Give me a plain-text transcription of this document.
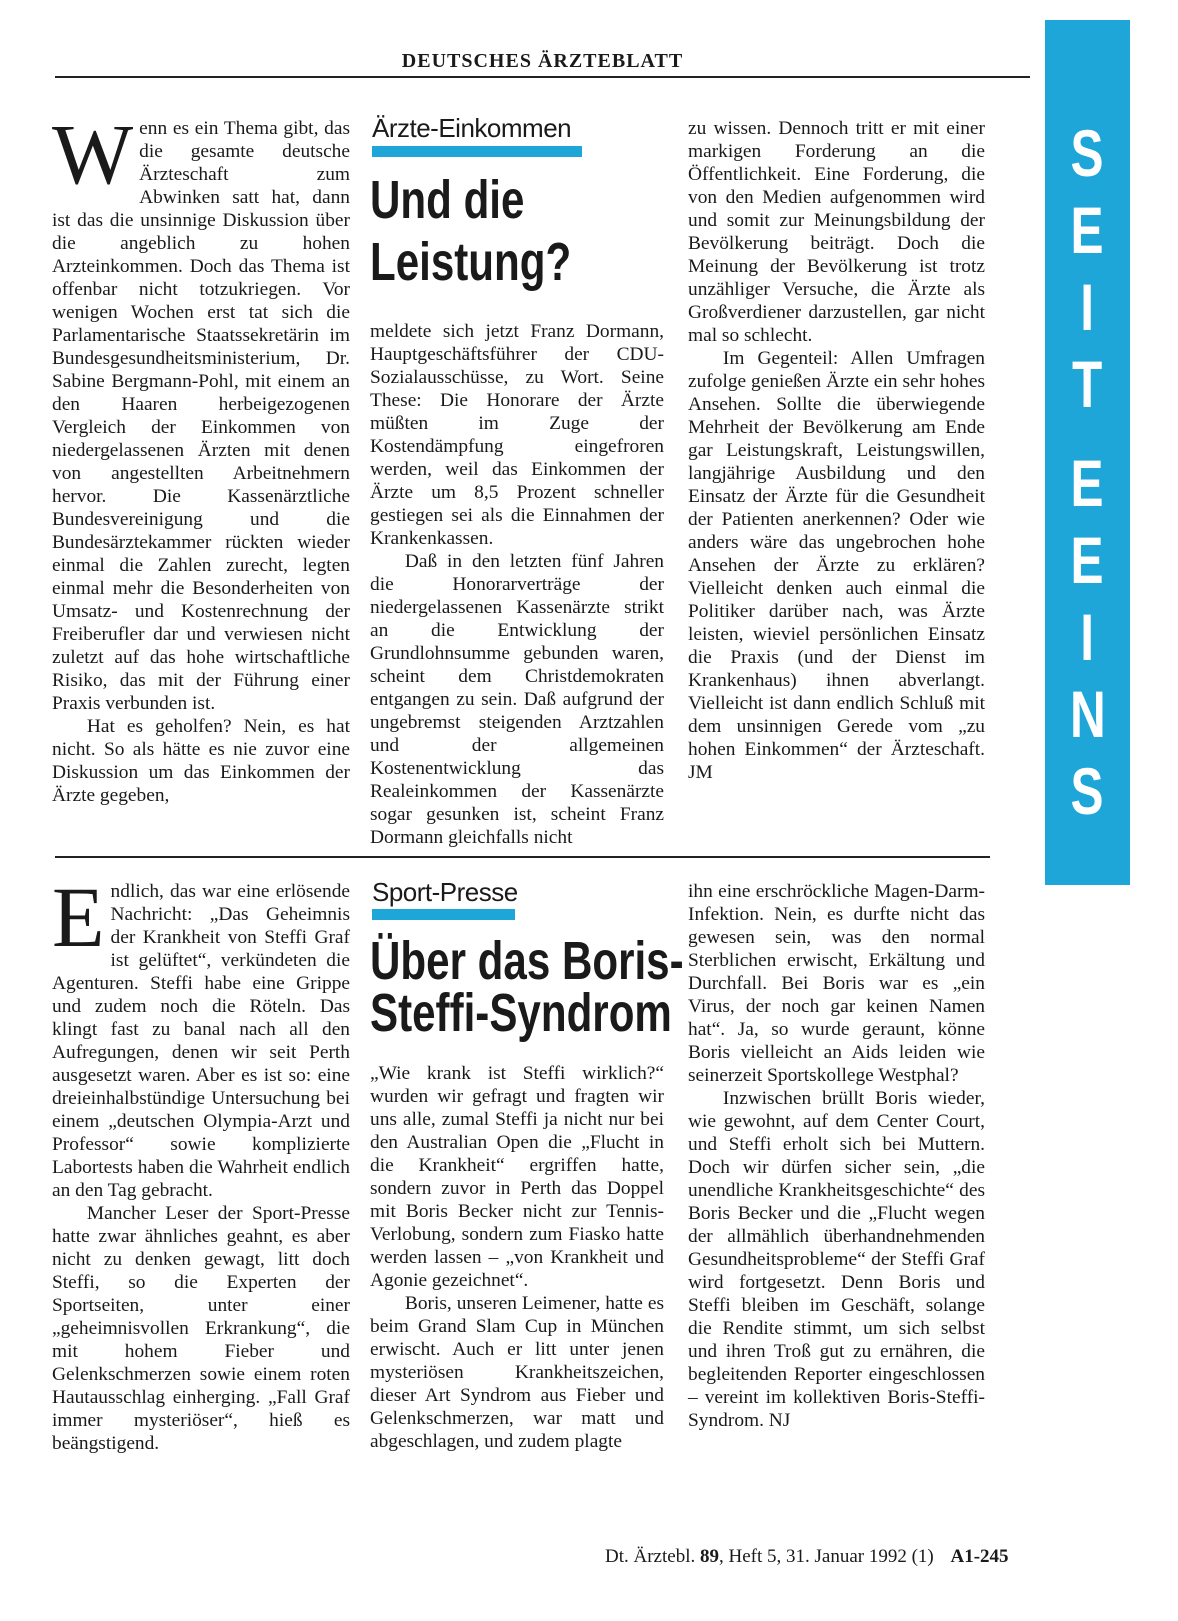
DEUTSCHES ÄRZTEBLATT
S
E
I
T
E
E
I
N
S

Wenn es ein Thema gibt, das die gesamte deutsche Ärzteschaft zum Abwinken satt hat, dann ist das die unsinnige Diskussion über die angeblich zu hohen Arzteinkommen. Doch das Thema ist offenbar nicht totzukriegen. Vor wenigen Wochen erst tat sich die Parlamentarische Staatssekretärin im Bundesgesundheitsministerium, Dr. Sabine Bergmann-Pohl, mit einem an den Haaren herbeigezogenen Vergleich der Einkommen von niedergelassenen Ärzten mit denen von angestellten Arbeitnehmern hervor. Die Kassenärztliche Bundesvereinigung und die Bundesärztekammer rückten wieder einmal die Zahlen zurecht, legten einmal mehr die Besonderheiten von Umsatz- und Kostenrechnung der Freiberufler dar und verwiesen nicht zuletzt auf das hohe wirtschaftliche Risiko, das mit der Führung einer Praxis verbunden ist.

Hat es geholfen? Nein, es hat nicht. So als hätte es nie zuvor eine Diskussion um das Einkommen der Ärzte gegeben,

Ärzte-Einkommen
Und die
Leistung?

meldete sich jetzt Franz Dormann, Hauptgeschäftsführer der CDU-Sozialausschüsse, zu Wort. Seine These: Die Honorare der Ärzte müßten im Zuge der Kostendämpfung eingefroren werden, weil das Einkommen der Ärzte um 8,5 Prozent schneller gestiegen sei als die Einnahmen der Krankenkassen.

Daß in den letzten fünf Jahren die Honorarverträge der niedergelassenen Kassenärzte strikt an die Entwicklung der Grundlohnsumme gebunden waren, scheint dem Christdemokraten entgangen zu sein. Daß aufgrund der ungebremst steigenden Arztzahlen und der allgemeinen Kostenentwicklung das Realeinkommen der Kassenärzte sogar gesunken ist, scheint Franz Dormann gleichfalls nicht

zu wissen. Dennoch tritt er mit einer markigen Forderung an die Öffentlichkeit. Eine Forderung, die von den Medien aufgenommen wird und somit zur Meinungsbildung der Bevölkerung beiträgt. Doch die Meinung der Bevölkerung ist trotz unzähliger Versuche, die Ärzte als Großverdiener darzustellen, gar nicht mal so schlecht.

Im Gegenteil: Allen Umfragen zufolge genießen Ärzte ein sehr hohes Ansehen. Sollte die überwiegende Mehrheit der Bevölkerung am Ende gar Leistungskraft, Leistungswillen, langjährige Ausbildung und den Einsatz der Ärzte für die Gesundheit der Patienten anerkennen? Oder wie anders wäre das ungebrochen hohe Ansehen der Ärzte zu erklären? Vielleicht denken auch einmal die Politiker darüber nach, was Ärzte leisten, wieviel persönlichen Einsatz die Praxis (und der Dienst im Krankenhaus) ihnen abverlangt. Vielleicht ist dann endlich Schluß mit dem unsinnigen Gerede vom „zu hohen Einkommen“ der Ärzteschaft. JM

Endlich, das war eine erlösende Nachricht: „Das Geheimnis der Krankheit von Steffi Graf ist gelüftet“, verkündeten die Agenturen. Steffi habe eine Grippe und zudem noch die Röteln. Das klingt fast zu banal nach all den Aufregungen, denen wir seit Perth ausgesetzt waren. Aber es ist so: eine dreieinhalbstündige Untersuchung bei einem „deutschen Olympia-Arzt und Professor“ sowie komplizierte Labortests haben die Wahrheit endlich an den Tag gebracht.

Mancher Leser der Sport-Presse hatte zwar ähnliches geahnt, es aber nicht zu denken gewagt, litt doch Steffi, so die Experten der Sportseiten, unter einer „geheimnisvollen Erkrankung“, die mit hohem Fieber und Gelenkschmerzen sowie einem roten Hautausschlag einherging. „Fall Graf immer mysteriöser“, hieß es beängstigend.

Sport-Presse
Über das Boris-
Steffi-Syndrom

„Wie krank ist Steffi wirklich?“ wurden wir gefragt und fragten wir uns alle, zumal Steffi ja nicht nur bei den Australian Open die „Flucht in die Krankheit“ ergriffen hatte, sondern zuvor in Perth das Doppel mit Boris Becker nicht zur Tennis-Verlobung, sondern zum Fiasko hatte werden lassen – „von Krankheit und Agonie gezeichnet“.

Boris, unseren Leimener, hatte es beim Grand Slam Cup in München erwischt. Auch er litt unter jenen mysteriösen Krankheitszeichen, dieser Art Syndrom aus Fieber und Gelenkschmerzen, war matt und abgeschlagen, und zudem plagte

ihn eine erschröckliche Magen-Darm-Infektion. Nein, es durfte nicht das gewesen sein, was den normal Sterblichen erwischt, Erkältung und Durchfall. Bei Boris war es „ein Virus, der noch gar keinen Namen hat“. Ja, so wurde geraunt, könne Boris vielleicht an Aids leiden wie seinerzeit Sportskollege Westphal?

Inzwischen brüllt Boris wieder, wie gewohnt, auf dem Center Court, und Steffi erholt sich bei Muttern. Doch wir dürfen sicher sein, „die unendliche Krankheitsgeschichte“ des Boris Becker und die „Flucht wegen der allmählich überhandnehmenden Gesundheitsprobleme“ der Steffi Graf wird fortgesetzt. Denn Boris und Steffi bleiben im Geschäft, solange die Rendite stimmt, um sich selbst und ihren Troß gut zu ernähren, die begleitenden Reporter eingeschlossen – vereint im kollektiven Boris-Steffi-Syndrom. NJ

Dt. Ärztebl. 89, Heft 5, 31. Januar 1992 (1) A1-245
